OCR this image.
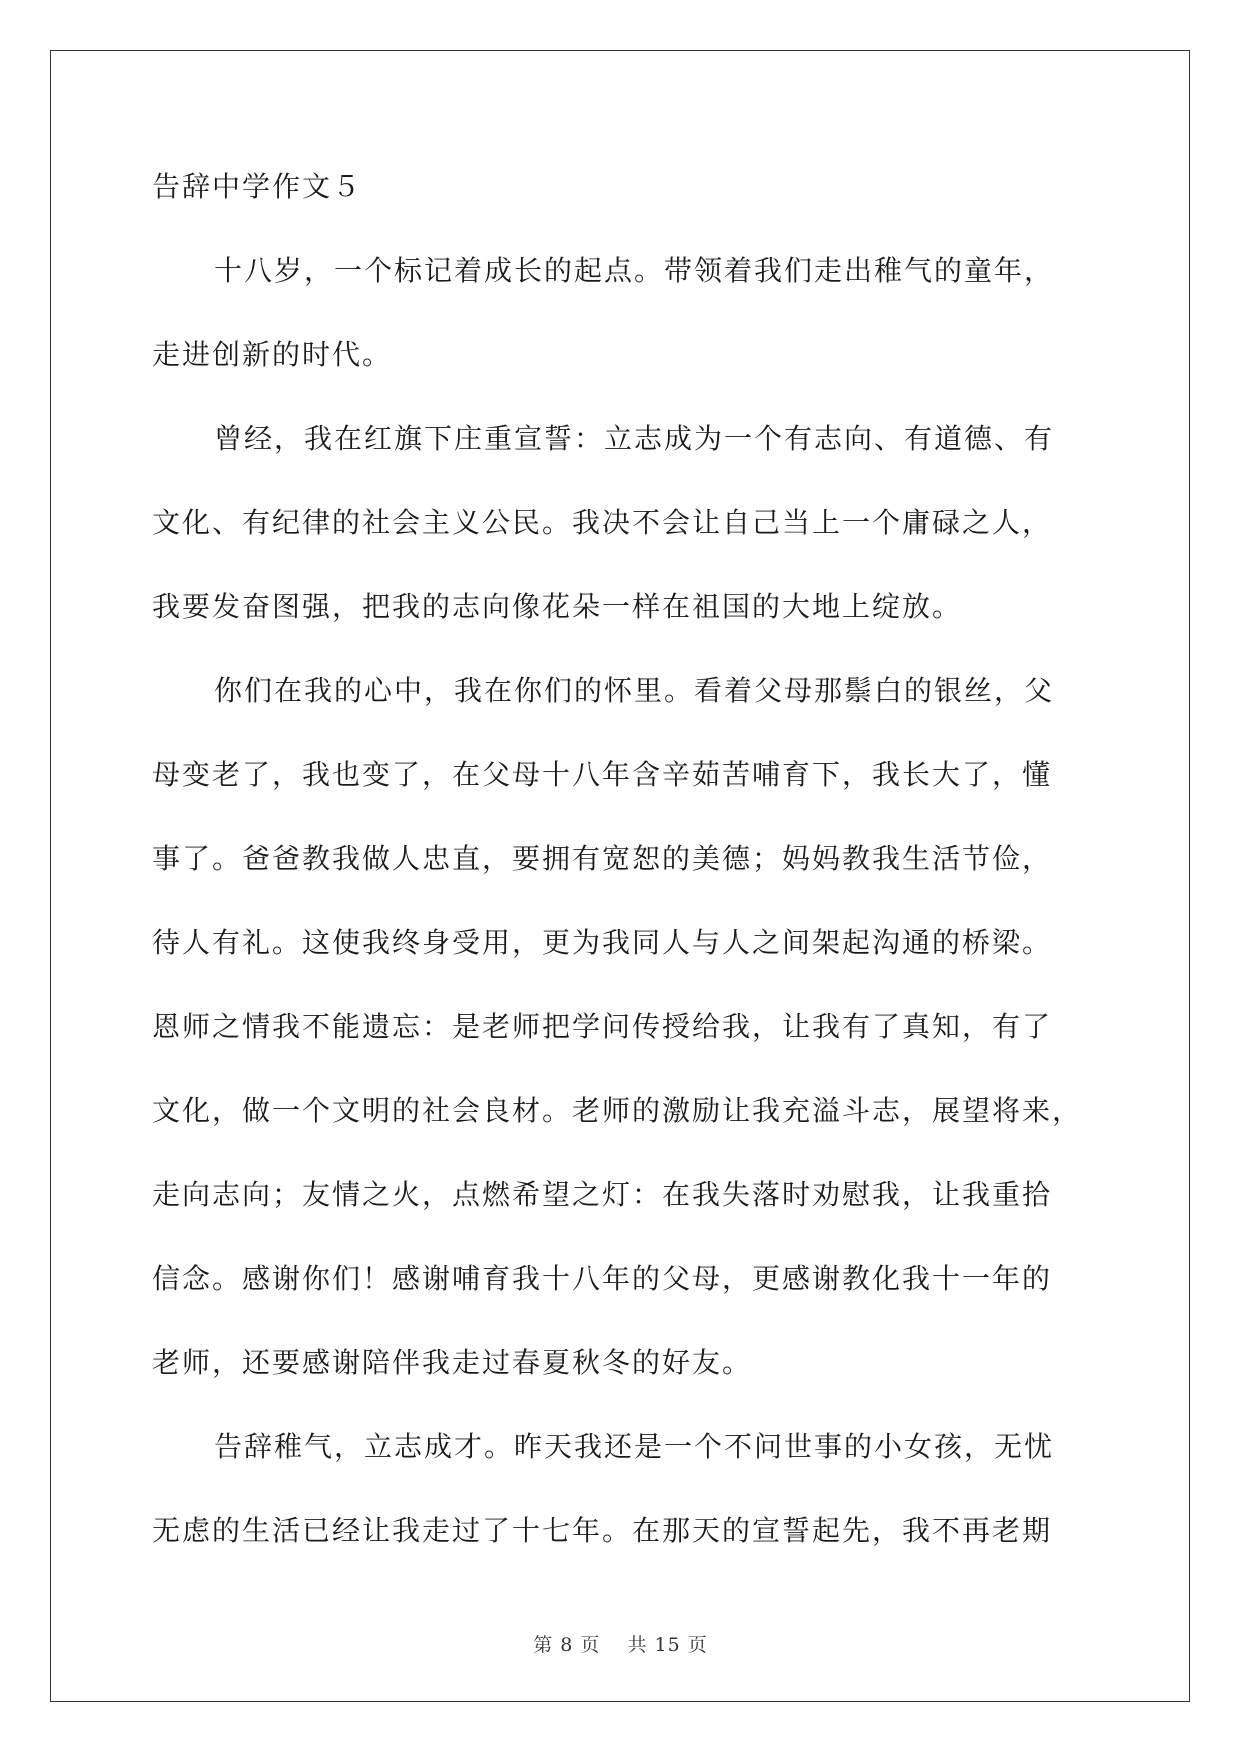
告辞中学作文５
十八岁，一个标记着成长的起点。带领着我们走出稚气的童年，
走进创新的时代。
曾经，我在红旗下庄重宣誓：立志成为一个有志向、有道德、有
文化、有纪律的社会主义公民。我决不会让自己当上一个庸碌之人，
我要发奋图强，把我的志向像花朵一样在祖国的大地上绽放。
你们在我的心中，我在你们的怀里。看着父母那鬃白的银丝，父
母变老了，我也变了，在父母十八年含辛茹苦哺育下，我长大了，懂
事了。爸爸教我做人忠直，要拥有宽恕的美德；妈妈教我生活节俭，
待人有礼。这使我终身受用，更为我同人与人之间架起沟通的桥梁。
恩师之情我不能遗忘：是老师把学问传授给我，让我有了真知，有了
文化，做一个文明的社会良材。老师的激励让我充溢斗志，展望将来，
走向志向；友情之火，点燃希望之灯：在我失落时劝慰我，让我重拾
信念。感谢你们！感谢哺育我十八年的父母，更感谢教化我十一年的
老师，还要感谢陪伴我走过春夏秋冬的好友。
告辞稚气，立志成才。昨天我还是一个不问世事的小女孩，无忧
无虑的生活已经让我走过了十七年。在那天的宣誓起先，我不再老期
第 8 页 共 15 页
